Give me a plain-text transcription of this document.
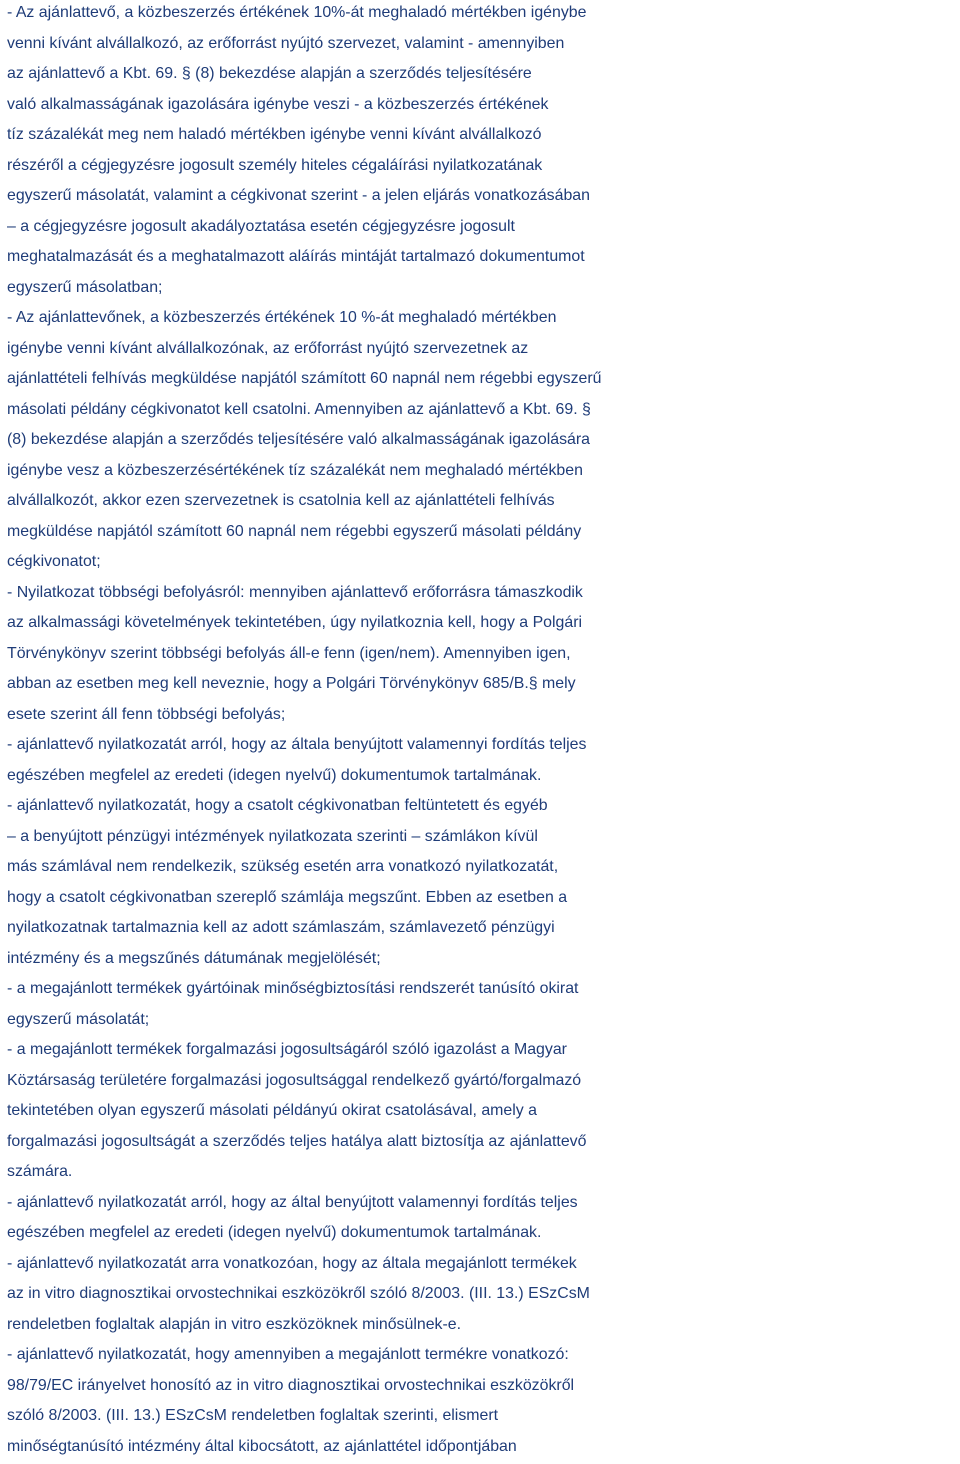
- Az ajánlattevő, a közbeszerzés értékének 10%-át meghaladó mértékben igénybe
venni kívánt alvállalkozó, az erőforrást nyújtó szervezet, valamint - amennyiben
az ajánlattevő a Kbt. 69. § (8) bekezdése alapján a szerződés teljesítésére
való alkalmasságának igazolására igénybe veszi - a közbeszerzés értékének
tíz százalékát meg nem haladó mértékben igénybe venni kívánt alvállalkozó
részéről a cégjegyzésre jogosult személy hiteles cégaláírási nyilatkozatának
egyszerű másolatát, valamint a cégkivonat szerint - a jelen eljárás vonatkozásában
– a cégjegyzésre jogosult akadályoztatása esetén cégjegyzésre jogosult
meghatalmazását és a meghatalmazott aláírás mintáját tartalmazó dokumentumot
egyszerű másolatban;
- Az ajánlattevőnek, a közbeszerzés értékének 10 %-át meghaladó mértékben
igénybe venni kívánt alvállalkozónak, az erőforrást nyújtó szervezetnek az
ajánlattételi felhívás megküldése napjától számított 60 napnál nem régebbi egyszerű
másolati példány cégkivonatot kell csatolni. Amennyiben az ajánlattevő a Kbt. 69. §
(8) bekezdése alapján a szerződés teljesítésére való alkalmasságának igazolására
igénybe vesz a közbeszerzésértékének tíz százalékát nem meghaladó mértékben
alvállalkozót, akkor ezen szervezetnek is csatolnia kell az ajánlattételi felhívás
megküldése napjától számított 60 napnál nem régebbi egyszerű másolati példány
cégkivonatot;
- Nyilatkozat többségi befolyásról: mennyiben ajánlattevő erőforrásra támaszkodik
az alkalmassági követelmények tekintetében, úgy nyilatkoznia kell, hogy a Polgári
Törvénykönyv szerint többségi befolyás áll-e fenn (igen/nem). Amennyiben igen,
abban az esetben meg kell neveznie, hogy a Polgári Törvénykönyv 685/B.§ mely
esete szerint áll fenn többségi befolyás;
- ajánlattevő nyilatkozatát arról, hogy az általa benyújtott valamennyi fordítás teljes
egészében megfelel az eredeti (idegen nyelvű) dokumentumok tartalmának.
- ajánlattevő nyilatkozatát, hogy a csatolt cégkivonatban feltüntetett és egyéb
– a benyújtott pénzügyi intézmények nyilatkozata szerinti – számlákon kívül
más számlával nem rendelkezik, szükség esetén arra vonatkozó nyilatkozatát,
hogy a csatolt cégkivonatban szereplő számlája megszűnt. Ebben az esetben a
nyilatkozatnak tartalmaznia kell az adott számlaszám, számlavezető pénzügyi
intézmény és a megszűnés dátumának megjelölését;
- a megajánlott termékek gyártóinak minőségbiztosítási rendszerét tanúsító okirat
egyszerű másolatát;
- a megajánlott termékek forgalmazási jogosultságáról szóló igazolást a Magyar
Köztársaság területére forgalmazási jogosultsággal rendelkező gyártó/forgalmazó
tekintetében olyan egyszerű másolati példányú okirat csatolásával, amely a
forgalmazási jogosultságát a szerződés teljes hatálya alatt biztosítja az ajánlattevő
számára.
- ajánlattevő nyilatkozatát arról, hogy az által benyújtott valamennyi fordítás teljes
egészében megfelel az eredeti (idegen nyelvű) dokumentumok tartalmának.
- ajánlattevő nyilatkozatát arra vonatkozóan, hogy az általa megajánlott termékek
az in vitro diagnosztikai orvostechnikai eszközökről szóló 8/2003. (III. 13.) ESzCsM
rendeletben foglaltak alapján in vitro eszközöknek minősülnek-e.
- ajánlattevő nyilatkozatát, hogy amennyiben a megajánlott termékre vonatkozó:
98/79/EC irányelvet honosító az in vitro diagnosztikai orvostechnikai eszközökről
szóló 8/2003. (III. 13.) ESzCsM rendeletben foglaltak szerinti, elismert
minőségtanúsító intézmény által kibocsátott, az ajánlattétel időpontjában
